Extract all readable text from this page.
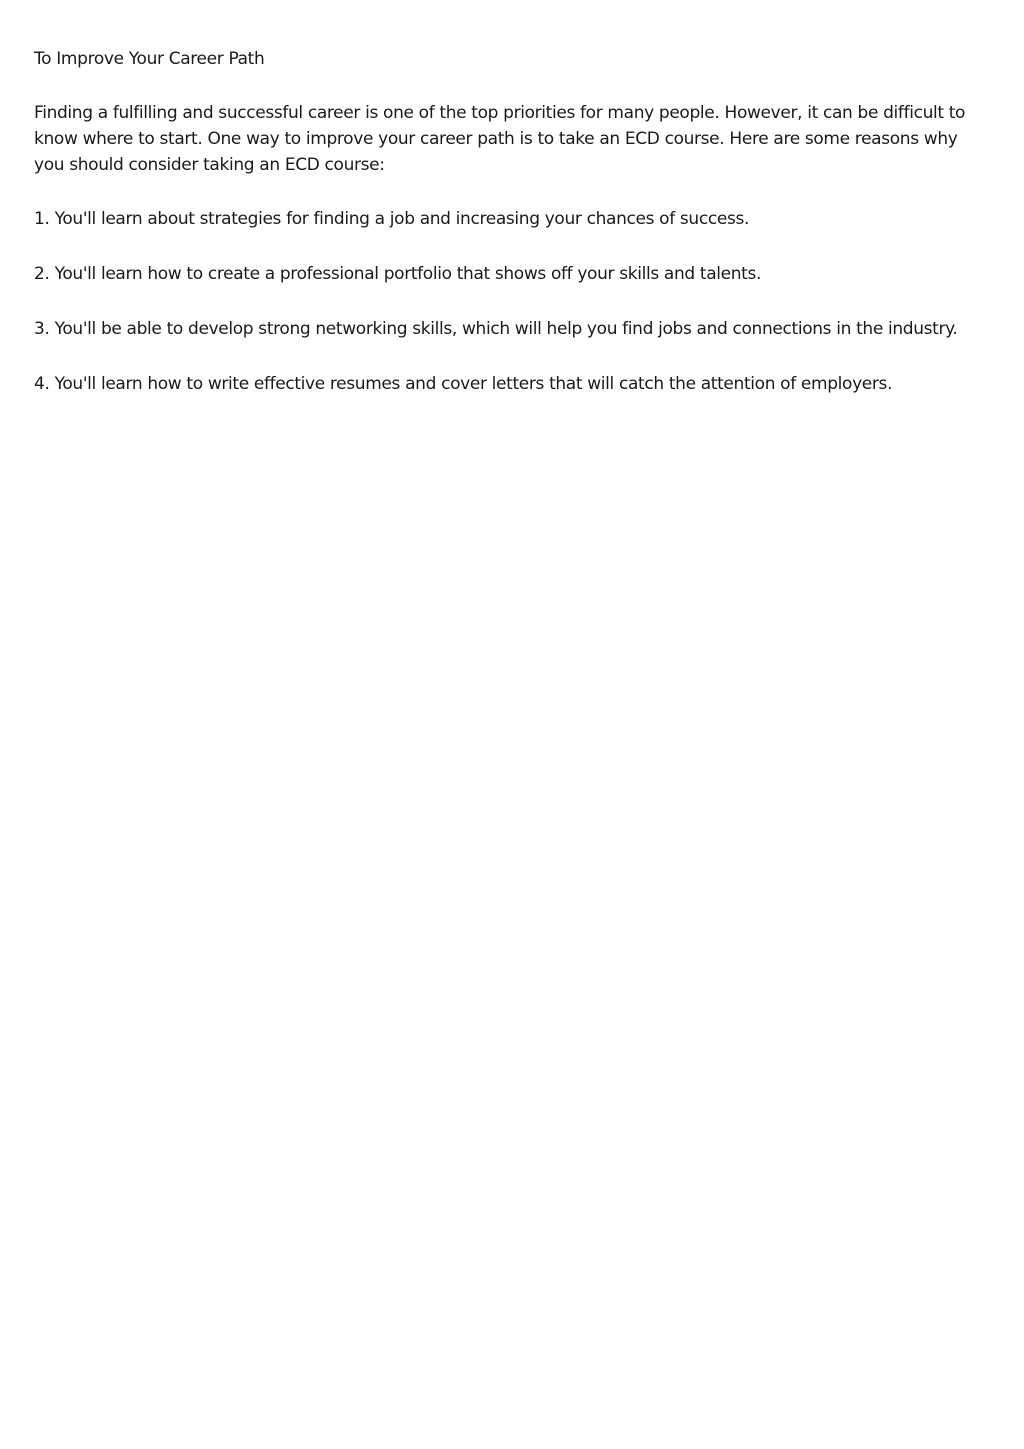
To Improve Your Career Path

Finding a fulfilling and successful career is one of the top priorities for many people. However, it can be difficult to know where to start. One way to improve your career path is to take an ECD course. Here are some reasons why you should consider taking an ECD course:

1. You'll learn about strategies for finding a job and increasing your chances of success.

2. You'll learn how to create a professional portfolio that shows off your skills and talents.

3. You'll be able to develop strong networking skills, which will help you find jobs and connections in the industry.

4. You'll learn how to write effective resumes and cover letters that will catch the attention of employers.
